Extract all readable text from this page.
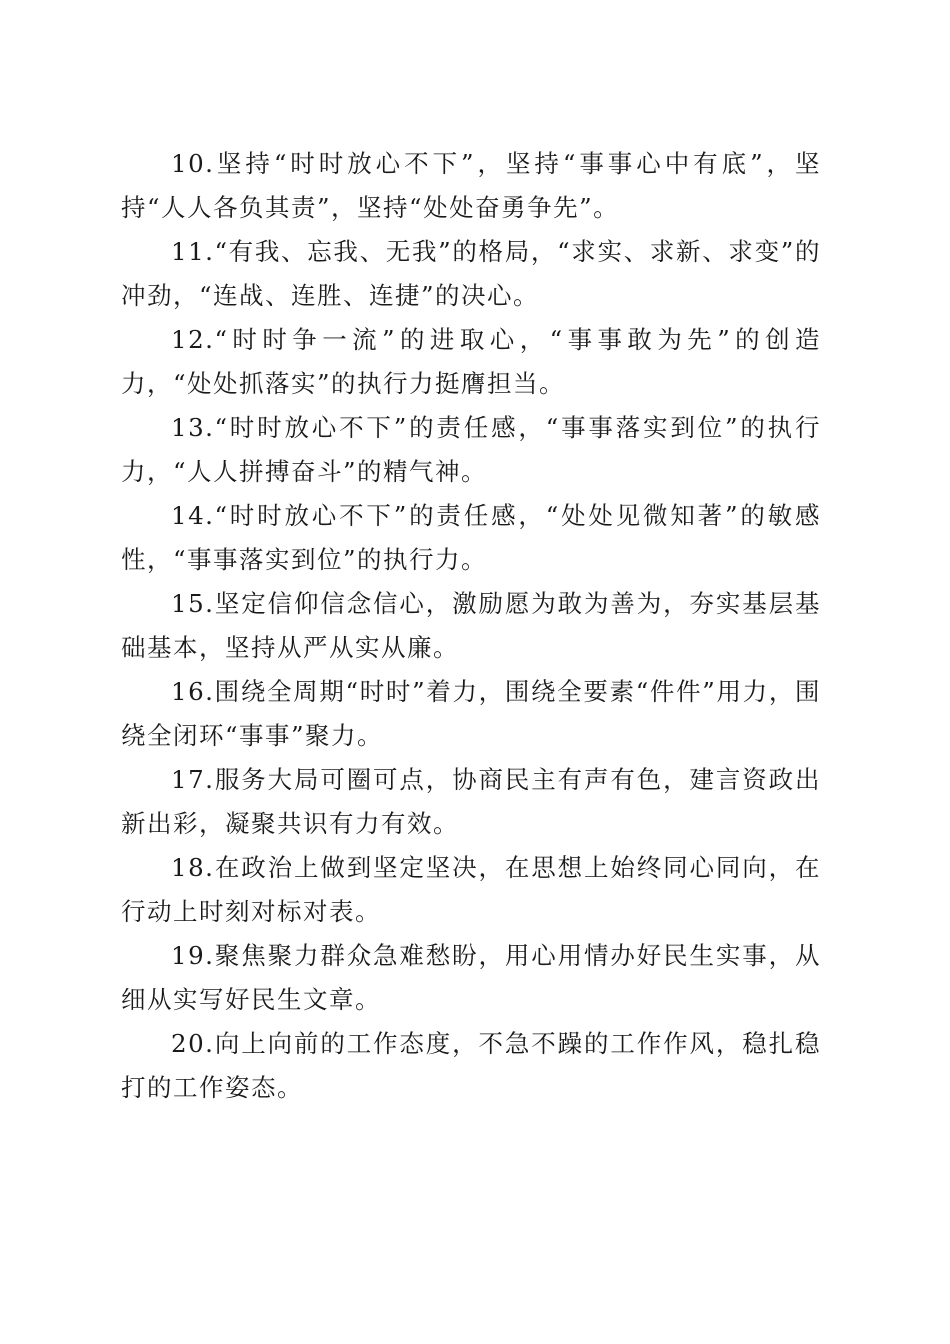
10.坚持“时时放心不下”，坚持“事事心中有底”，坚持“人人各负其责”，坚持“处处奋勇争先”。

11.“有我、忘我、无我”的格局，“求实、求新、求变”的冲劲，“连战、连胜、连捷”的决心。

12.“时时争一流”的进取心，“事事敢为先”的创造力，“处处抓落实”的执行力挺膺担当。

13.“时时放心不下”的责任感，“事事落实到位”的执行力，“人人拼搏奋斗”的精气神。

14.“时时放心不下”的责任感，“处处见微知著”的敏感性，“事事落实到位”的执行力。

15.坚定信仰信念信心，激励愿为敢为善为，夯实基层基础基本，坚持从严从实从廉。

16.围绕全周期“时时”着力，围绕全要素“件件”用力，围绕全闭环“事事”聚力。

17.服务大局可圈可点，协商民主有声有色，建言资政出新出彩，凝聚共识有力有效。

18.在政治上做到坚定坚决，在思想上始终同心同向，在行动上时刻对标对表。

19.聚焦聚力群众急难愁盼，用心用情办好民生实事，从细从实写好民生文章。

20.向上向前的工作态度，不急不躁的工作作风，稳扎稳打的工作姿态。
